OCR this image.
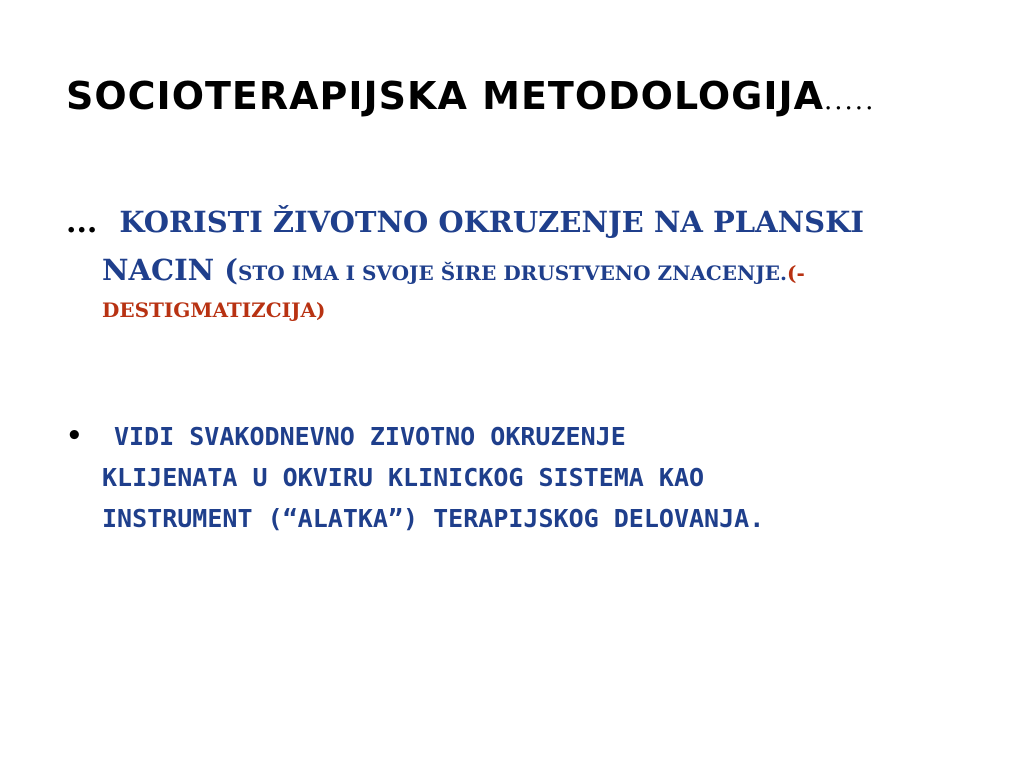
SOCIOTERAPIJSKA METODOLOGIJA.....
... KORISTI ŽIVOTNO OKRUZENJE NA PLANSKI
NACIN (STO IMA I SVOJE ŠIRE DRUSTVENO ZNACENJE.(-
DESTIGMATIZCIJA)
•	VIDI SVAKODNEVNO ZIVOTNO OKRUZENJE
KLIJENATA U OKVIRU KLINICKOG SISTEMA KAO
INSTRUMENT (“ALATKA”) TERAPIJSKOG DELOVANJA.
